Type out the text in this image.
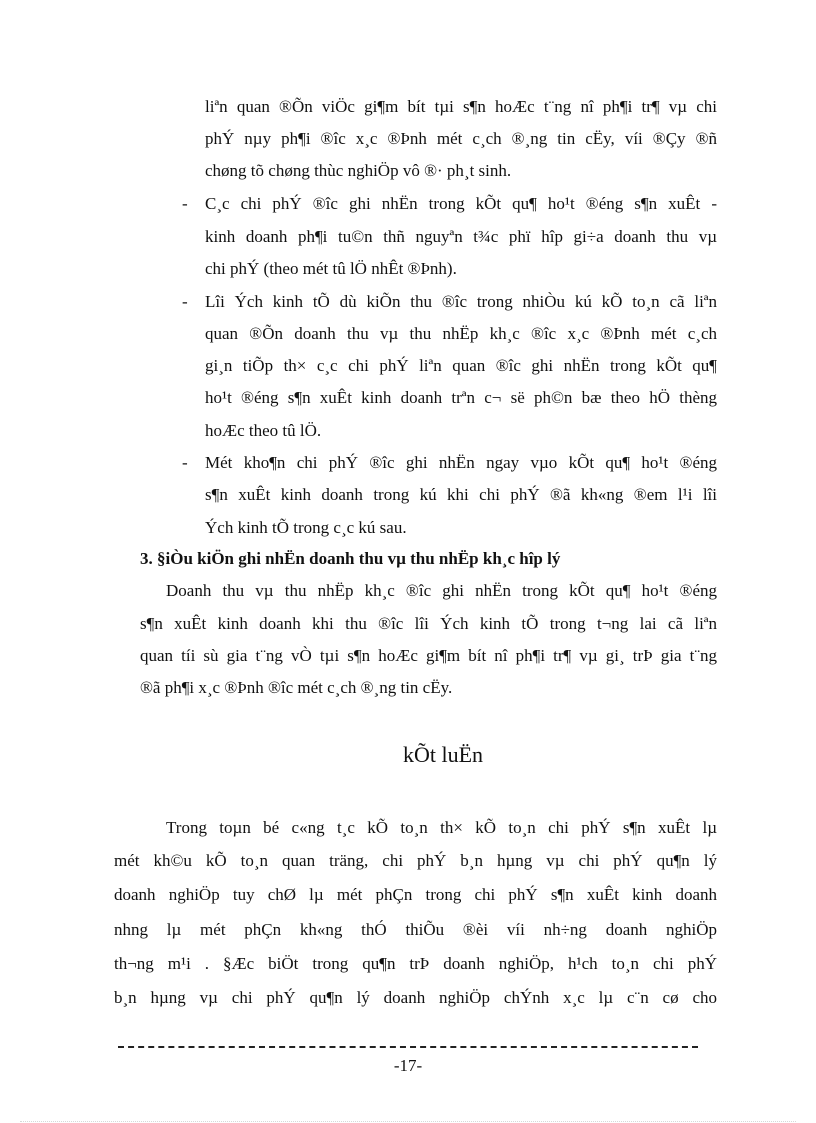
liªn quan ®Õn viÖc gi¶m bít tµi s¶n hoÆc t¨ng nî ph¶i tr¶ vµ chi
phÝ nµy ph¶i ®îc x¸c ®Þnh mét c¸ch ®¸ng tin cËy, víi ®Çy ®ñ
chøng tõ chøng thùc nghiÖp vô ®· ph¸t sinh.
- C¸c chi phÝ ®îc ghi nhËn trong kÕt qu¶ ho¹t ®éng s¶n xuÊt -
kinh doanh ph¶i tu©n thñ nguyªn t¾c phï hîp gi÷a doanh thu vµ
chi phÝ (theo mét tû lÖ nhÊt ®Þnh).
- Lîi Ých kinh tÕ dù kiÕn thu ®îc trong nhiÒu kú kÕ to¸n cã liªn
quan ®Õn doanh thu vµ thu nhËp kh¸c ®îc x¸c ®Þnh mét c¸ch
gi¸n tiÕp th× c¸c chi phÝ liªn quan ®îc ghi nhËn trong kÕt qu¶
ho¹t ®éng s¶n xuÊt kinh doanh trªn c¬ së ph©n bæ theo hÖ thèng
hoÆc theo tû lÖ.
- Mét kho¶n chi phÝ ®îc ghi nhËn ngay vµo kÕt qu¶ ho¹t ®éng
s¶n xuÊt kinh doanh trong kú khi chi phÝ ®ã kh«ng ®em l¹i lîi
Ých kinh tÕ trong c¸c kú sau.
3. §iÒu kiÖn ghi nhËn doanh thu vµ thu nhËp kh¸c hîp lý
Doanh thu vµ thu nhËp kh¸c ®îc ghi nhËn trong kÕt qu¶ ho¹t ®éng
s¶n xuÊt kinh doanh khi thu ®îc lîi Ých kinh tÕ trong t¬ng lai cã liªn
quan tíi sù gia t¨ng vÒ tµi s¶n hoÆc gi¶m bít nî ph¶i tr¶ vµ gi¸ trÞ gia t¨ng
®ã ph¶i x¸c ®Þnh ®îc mét c¸ch ®¸ng tin cËy.
kÕt luËn
Trong toµn bé c«ng t¸c kÕ to¸n th× kÕ to¸n chi phÝ s¶n xuÊt lµ
mét kh©u kÕ to¸n quan träng, chi phÝ b¸n hµng vµ chi phÝ qu¶n lý
doanh nghiÖp tuy chØ lµ mét phÇn trong chi phÝ s¶n xuÊt kinh doanh
nhng lµ mét phÇn kh«ng thÓ thiÕu ®èi víi nh÷ng doanh nghiÖp
th¬ng m¹i . §Æc biÖt trong qu¶n trÞ doanh nghiÖp, h¹ch to¸n chi phÝ
b¸n hµng vµ chi phÝ qu¶n lý doanh nghiÖp chÝnh x¸c lµ c¨n cø cho
-17-
